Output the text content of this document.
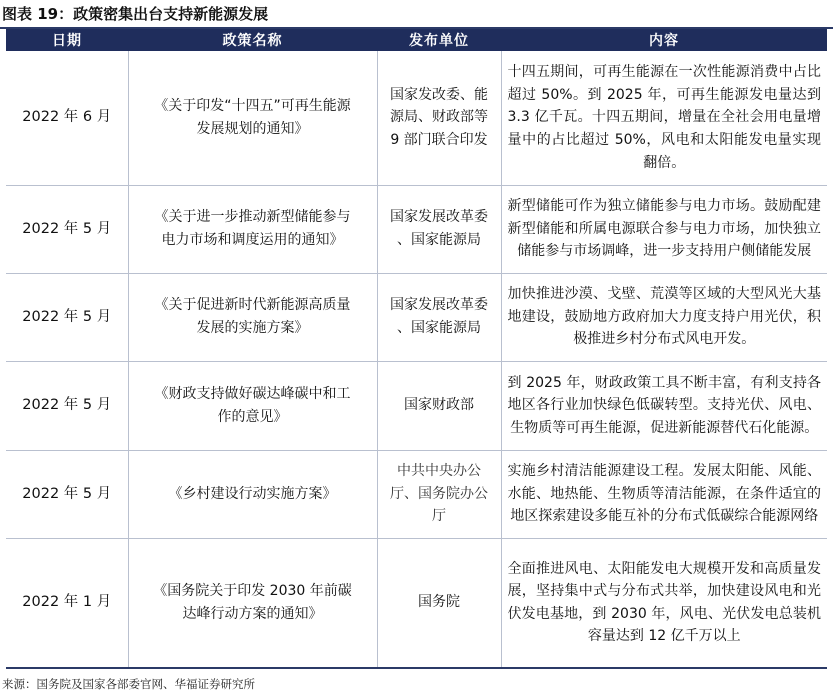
图表 19：政策密集出台支持新能源发展
日期	政策名称	发布单位	内容
2022 年 6 月	《关于印发“十四五”可再生能源发展规划的通知》	国家发改委、能源局、财政部等 9 部门联合印发	十四五期间，可再生能源在一次性能源消费中占比超过 50%。到 2025 年，可再生能源发电量达到 3.3 亿千瓦。十四五期间，增量在全社会用电量增量中的占比超过 50%，风电和太阳能发电量实现翻倍。
2022 年 5 月	《关于进一步推动新型储能参与电力市场和调度运用的通知》	国家发展改革委 、国家能源局	新型储能可作为独立储能参与电力市场。鼓励配建新型储能和所属电源联合参与电力市场，加快独立储能参与市场调峰，进一步支持用户侧储能发展
2022 年 5 月	《关于促进新时代新能源高质量发展的实施方案》	国家发展改革委 、国家能源局	加快推进沙漠、戈壁、荒漠等区域的大型风光大基地建设，鼓励地方政府加大力度支持户用光伏，积极推进乡村分布式风电开发。
2022 年 5 月	《财政支持做好碳达峰碳中和工作的意见》	国家财政部	到 2025 年，财政政策工具不断丰富，有利支持各地区各行业加快绿色低碳转型。支持光伏、风电、生物质等可再生能源，促进新能源替代石化能源。
2022 年 5 月	《乡村建设行动实施方案》	中共中央办公厅、国务院办公厅	实施乡村清洁能源建设工程。发展太阳能、风能、水能、地热能、生物质等清洁能源，在条件适宜的地区探索建设多能互补的分布式低碳综合能源网络
2022 年 1 月	《国务院关于印发 2030 年前碳达峰行动方案的通知》	国务院	全面推进风电、太阳能发电大规模开发和高质量发展，坚持集中式与分布式共举，加快建设风电和光伏发电基地，到 2030 年，风电、光伏发电总装机容量达到 12 亿千万以上
来源：国务院及国家各部委官网、华福证券研究所
